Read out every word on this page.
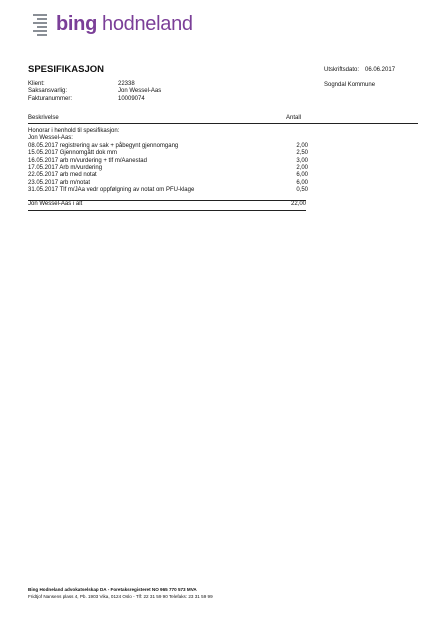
bing hodneland
SPESIFIKASJON	Utskriftsdato: 06.06.2017
Sogndal Kommune
Klient:	22338
Saksansvarlig:	Jon Wessel-Aas
Fakturanummer:	10009074
Beskrivelse	Antall
Honorar i henhold til spesifikasjon:
Jon Wessel-Aas:
08.05.2017 registrering av sak + påbegynt gjennomgang	2,00
15.05.2017 Gjennomgått dok mm	2,50
16.05.2017 arb m/vurdering + tlf m/Aanestad	3,00
17.05.2017 Arb m/vurdering	2,00
22.05.2017 arb med notat	6,00
23.05.2017 arb m/notat	6,00
31.05.2017 Tlf m/JAa vedr oppfølgning av notat om PFU-klage	0,50
Jon Wessel-Aas i alt	22,00
Bing Hodneland advokatselskap DA - Foretaksregisteret NO 965 770 573 MVA
Fridtjof Nansens plass 4, Pb. 1903 Vika, 0124 Oslo - Tlf: 22 31 59 90 Telefaks: 23 31 59 99
